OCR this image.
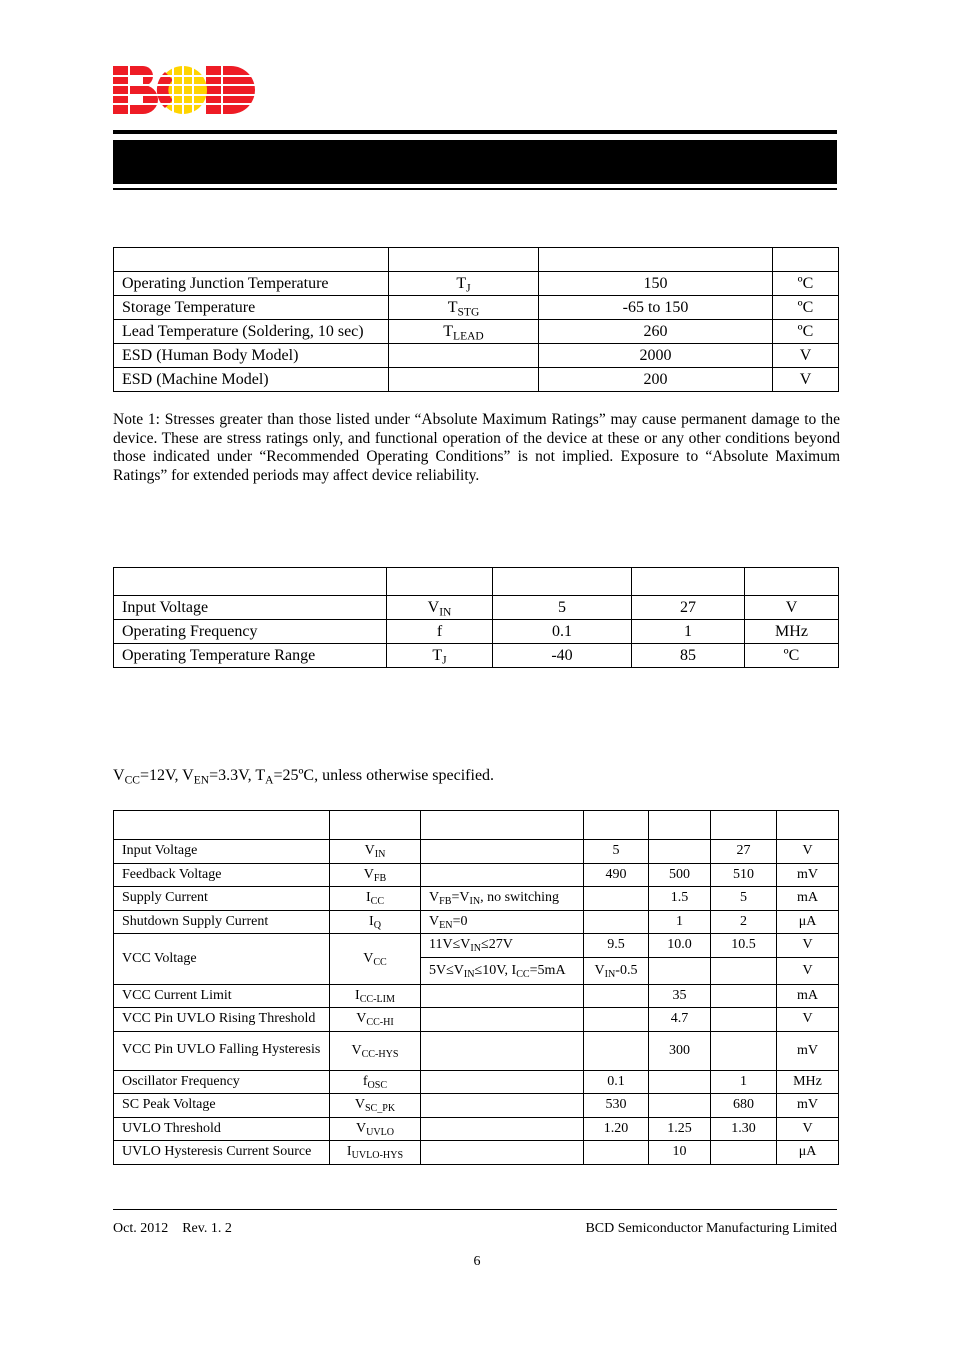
Operating Junction Temperature	$T_J$	150	ºC
Storage Temperature	$T_{STG}$	-65 to 150	ºC
Lead Temperature (Soldering, 10 sec)	$T_{LEAD}$	260	ºC
ESD (Human Body Model)		2000	V
ESD (Machine Model)		200	V
Note 1: Stresses greater than those listed under “Absolute Maximum Ratings” may cause permanent damage to the device. These are stress ratings only, and functional operation of the device at these or any other conditions beyond those indicated under “Recommended Operating Conditions” is not implied. Exposure to “Absolute Maximum Ratings” for extended periods may affect device reliability.

Input Voltage	$V_{IN}$	5	27	V
Operating Frequency	f	0.1	1	MHz
Operating Temperature Range	$T_J$	-40	85	ºC
$V_{CC}=12V$, $V_{EN}=3.3V$, $T_A=25ºC$, unless otherwise specified.

Input Voltage	$V_{IN}$		5		27	V
Feedback Voltage	$V_{FB}$		490	500	510	mV
Supply Current	$I_{CC}$	$V_{FB}=V_{IN}$, no switching		1.5	5	mA
Shutdown Supply Current	$I_Q$	$V_{EN}=0$		1	2	μA
VCC Voltage	$V_{CC}$	$11V\le V_{IN}\le 27V$	9.5	10.0	10.5	V
		$5V\le V_{IN}\le 10V$, $I_{CC}=5mA$	$V_{IN}-0.5$			V
VCC Current Limit	$I_{CC-LIM}$			35		mA
VCC Pin UVLO Rising Threshold	$V_{CC-HI}$			4.7		V
VCC Pin UVLO Falling Hysteresis	$V_{CC-HYS}$			300		mV
Oscillator Frequency	$f_{OSC}$		0.1		1	MHz
SC Peak Voltage	$V_{SC\_PK}$		530		680	mV
UVLO Threshold	$V_{UVLO}$		1.20	1.25	1.30	V
UVLO Hysteresis Current Source	$I_{UVLO-HYS}$			10		μA
Oct. 2012 Rev. 1. 2	BCD Semiconductor Manufacturing Limited
6
